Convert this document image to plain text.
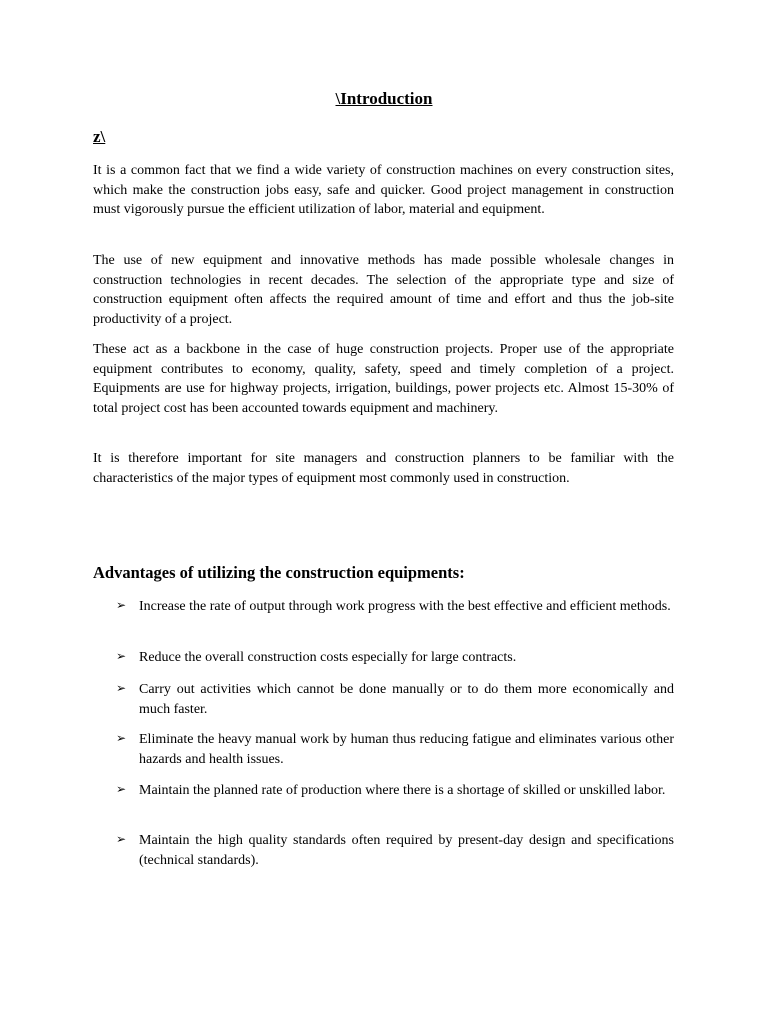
\Introduction
z\

It is a common fact that we find a wide variety of construction machines on every construction sites, which make the construction jobs easy, safe and quicker. Good project management in construction must vigorously pursue the efficient utilization of labor, material and equipment.

The use of new equipment and innovative methods has made possible wholesale changes in construction technologies in recent decades. The selection of the appropriate type and size of construction equipment often affects the required amount of time and effort and thus the job-site productivity of a project.

These act as a backbone in the case of huge construction projects. Proper use of the appropriate equipment contributes to economy, quality, safety, speed and timely completion of a project. Equipments are use for highway projects, irrigation, buildings, power projects etc. Almost 15-30% of total project cost has been accounted towards equipment and machinery.

It is therefore important for site managers and construction planners to be familiar with the characteristics of the major types of equipment most commonly used in construction.

Advantages of utilizing the construction equipments:
➢ Increase the rate of output through work progress with the best effective and efficient methods.

➢ Reduce the overall construction costs especially for large contracts.

➢ Carry out activities which cannot be done manually or to do them more economically and much faster.

➢ Eliminate the heavy manual work by human thus reducing fatigue and eliminates various other hazards and health issues.

➢ Maintain the planned rate of production where there is a shortage of skilled or unskilled labor.

➢ Maintain the high quality standards often required by present-day design and specifications (technical standards).
